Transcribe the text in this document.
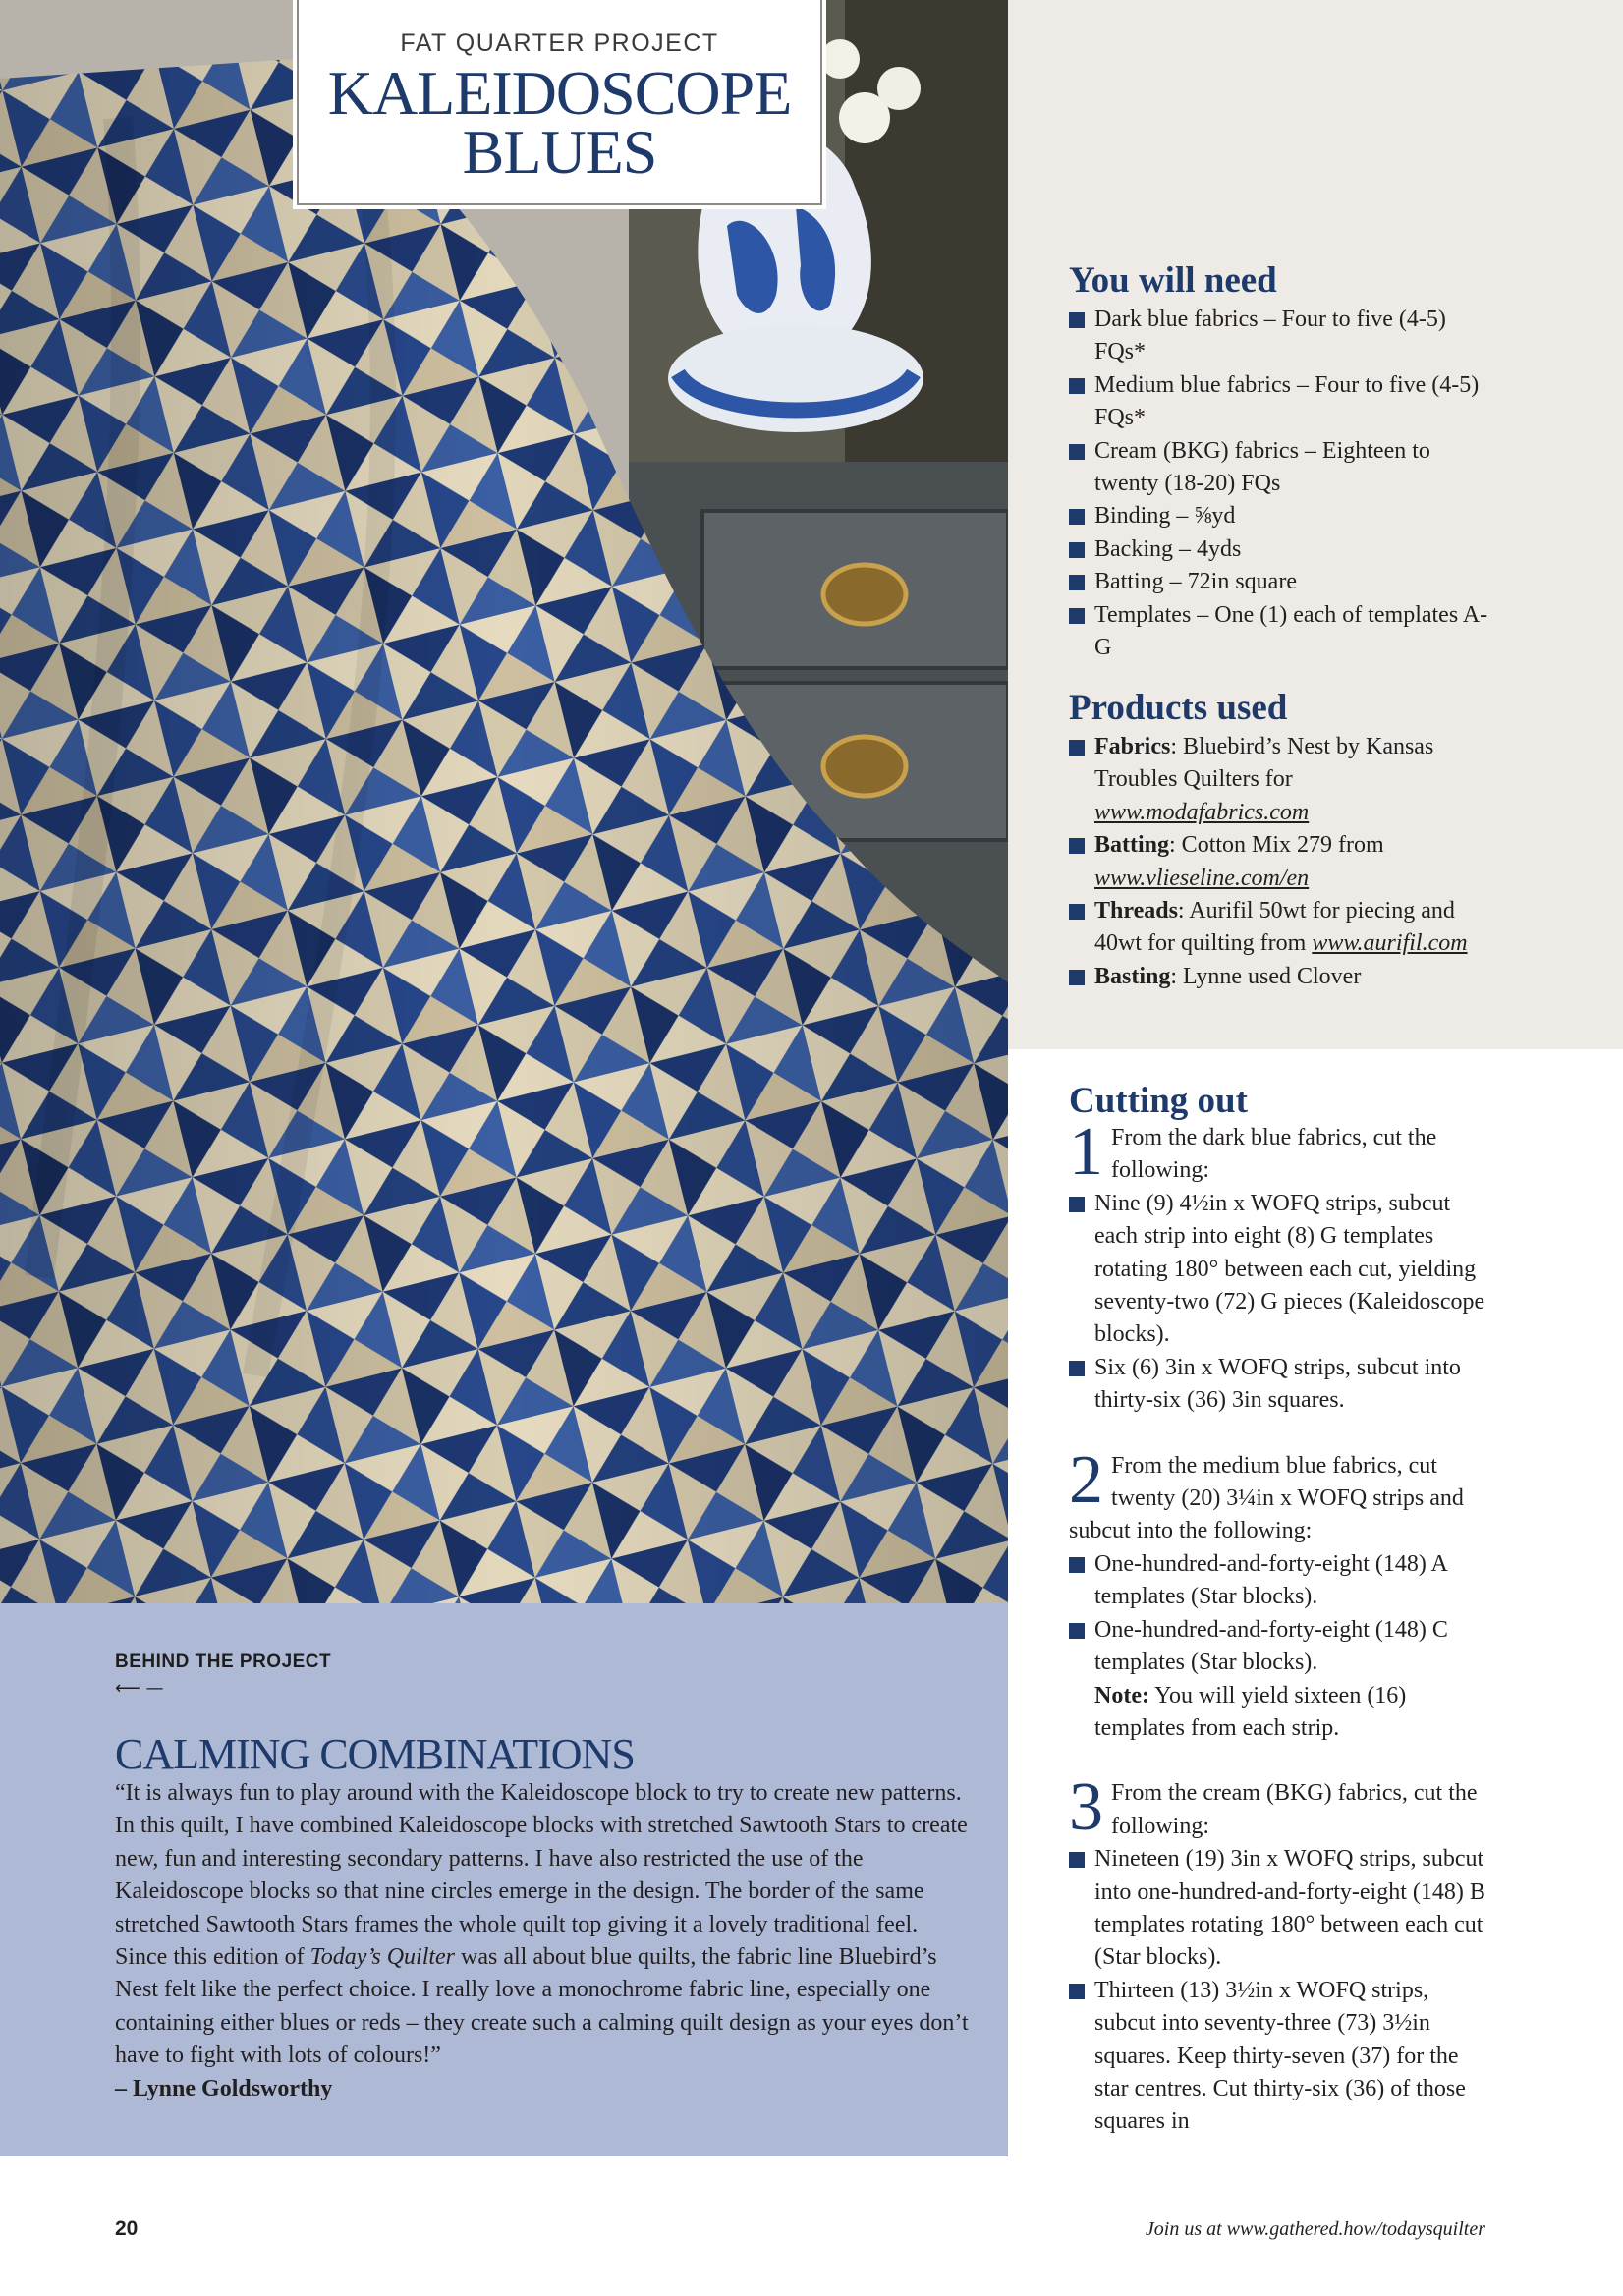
FAT QUARTER PROJECT
KALEIDOSCOPE
BLUES
You will need
Dark blue fabrics – Four to five (4-5) FQs*
Medium blue fabrics – Four to five (4-5) FQs*
Cream (BKG) fabrics – Eighteen to twenty (18-20) FQs
Binding – ⅝yd
Backing – 4yds
Batting – 72in square
Templates – One (1) each of templates A-G
Products used
Fabrics: Bluebird’s Nest by Kansas Troubles Quilters for www.modafabrics.com
Batting: Cotton Mix 279 from www.vlieseline.com/en
Threads: Aurifil 50wt for piecing and 40wt for quilting from www.aurifil.com
Basting: Lynne used Clover
Cutting out
1 From the dark blue fabrics, cut the following:
Nine (9) 4½in x WOFQ strips, subcut each strip into eight (8) G templates rotating 180° between each cut, yielding seventy-two (72) G pieces (Kaleidoscope blocks).
Six (6) 3in x WOFQ strips, subcut into thirty-six (36) 3in squares.
2 From the medium blue fabrics, cut twenty (20) 3¼in x WOFQ strips and subcut into the following:
One-hundred-and-forty-eight (148) A templates (Star blocks).
One-hundred-and-forty-eight (148) C templates (Star blocks).
Note: You will yield sixteen (16) templates from each strip.
3 From the cream (BKG) fabrics, cut the following:
Nineteen (19) 3in x WOFQ strips, subcut into one-hundred-and-forty-eight (148) B templates rotating 180° between each cut (Star blocks).
Thirteen (13) 3½in x WOFQ strips, subcut into seventy-three (73) 3½in squares. Keep thirty-seven (37) for the star centres. Cut thirty-six (36) of those squares in
BEHIND THE PROJECT
⟵ —
CALMING COMBINATIONS
“It is always fun to play around with the Kaleidoscope block to try to create new patterns. In this quilt, I have combined Kaleidoscope blocks with stretched Sawtooth Stars to create new, fun and interesting secondary patterns. I have also restricted the use of the Kaleidoscope blocks so that nine circles emerge in the design. The border of the same stretched Sawtooth Stars frames the whole quilt top giving it a lovely traditional feel. Since this edition of Today’s Quilter was all about blue quilts, the fabric line Bluebird’s Nest felt like the perfect choice. I really love a monochrome fabric line, especially one containing either blues or reds – they create such a calming quilt design as your eyes don’t have to fight with lots of colours!”
– Lynne Goldsworthy
20	Join us at www.gathered.how/todaysquilter
